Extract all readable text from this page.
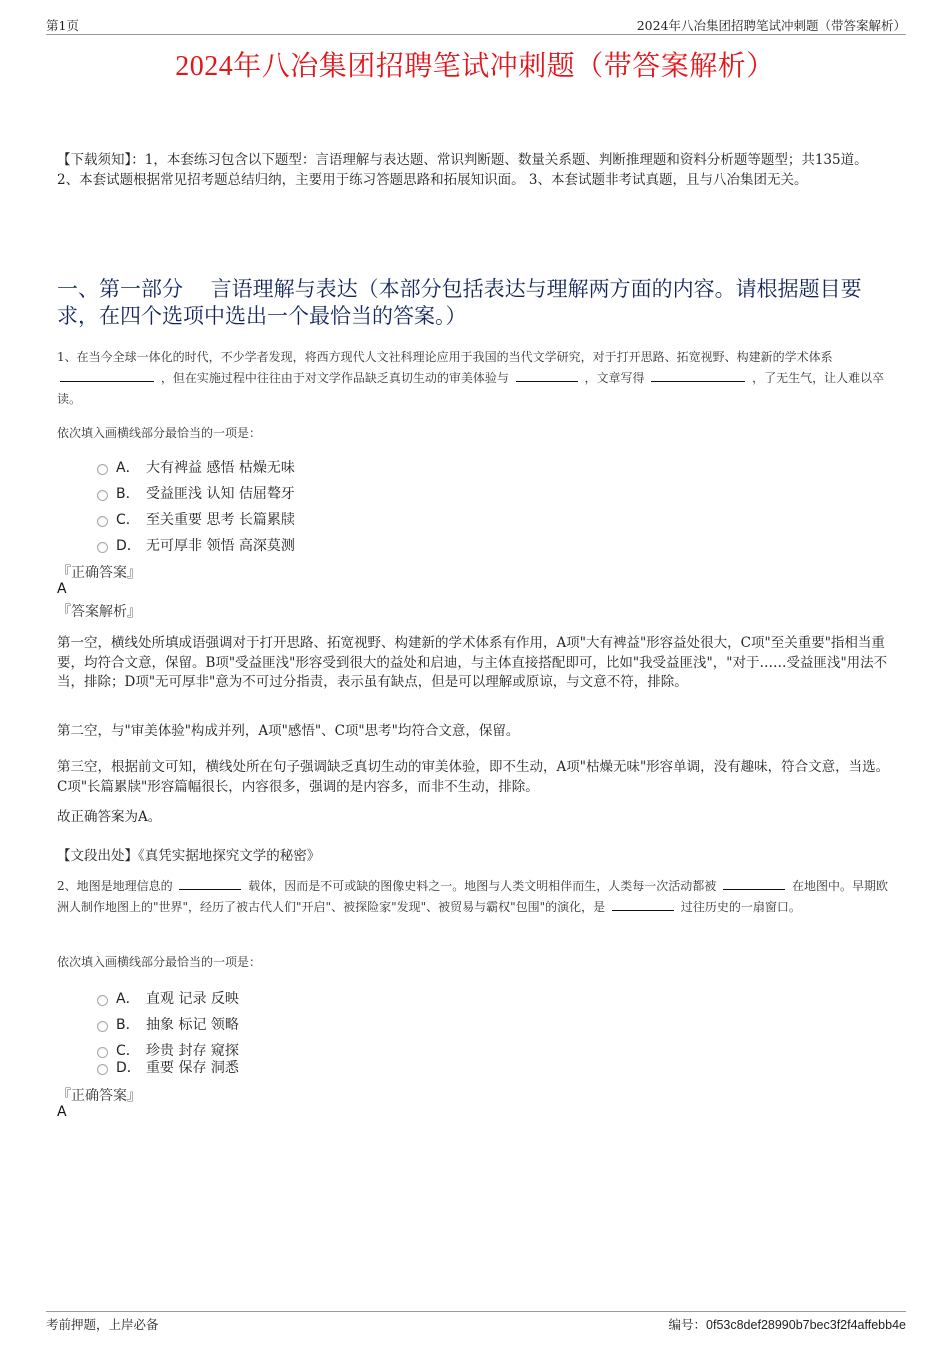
第1页	2024年八冶集团招聘笔试冲刺题（带答案解析）
2024年八冶集团招聘笔试冲刺题（带答案解析）
【下载须知】：1，本套练习包含以下题型：言语理解与表达题、常识判断题、数量关系题、判断推理题和资料分析题等题型；共135道。 2、本套试题根据常见招考题总结归纳，主要用于练习答题思路和拓展知识面。 3、本套试题非考试真题，且与八冶集团无关。
一、第一部分　 言语理解与表达（本部分包括表达与理解两方面的内容。请根据题目要求，在四个选项中选出一个最恰当的答案。）
1、在当今全球一体化的时代，不少学者发现，将西方现代人文社科理论应用于我国的当代文学研究，对于打开思路、拓宽视野、构建新的学术体系  ，但在实施过程中往往由于对文学作品缺乏真切生动的审美体验与	，文章写得	，了无生气，让人难以卒读。
依次填入画横线部分最恰当的一项是：
A． 大有裨益 感悟 枯燥无味
B． 受益匪浅 认知 佶屈聱牙
C． 至关重要 思考 长篇累牍
D． 无可厚非 领悟 高深莫测
『正确答案』
A
『答案解析』
第一空，横线处所填成语强调对于打开思路、拓宽视野、构建新的学术体系有作用，A项"大有裨益"形容益处很大，C项"至关重要"指相当重要，均符合文意，保留。B项"受益匪浅"形容受到很大的益处和启迪，与主体直接搭配即可，比如"我受益匪浅"，"对于……受益匪浅"用法不当，排除；D项"无可厚非"意为不可过分指责，表示虽有缺点，但是可以理解或原谅，与文意不符，排除。
第二空，与"审美体验"构成并列，A项"感悟"、C项"思考"均符合文意，保留。
第三空，根据前文可知，横线处所在句子强调缺乏真切生动的审美体验，即不生动，A项"枯燥无味"形容单调，没有趣味，符合文意，当选。C项"长篇累牍"形容篇幅很长，内容很多，强调的是内容多，而非不生动，排除。
故正确答案为A。
【文段出处】《真凭实据地探究文学的秘密》
2、地图是地理信息的	载体，因而是不可或缺的图像史料之一。地图与人类文明相伴而生，人类每一次活动都被	在地图中。早期欧洲人制作地图上的"世界"，经历了被古代人们"开启"、被探险家"发现"、被贸易与霸权"包围"的演化，是	过往历史的一扇窗口。
依次填入画横线部分最恰当的一项是：
A． 直观 记录 反映
B． 抽象 标记 领略
C． 珍贵 封存 窥探
D． 重要 保存 洞悉
『正确答案』
A
考前押题，上岸必备	编号：0f53c8def28990b7bec3f2f4affebb4e
